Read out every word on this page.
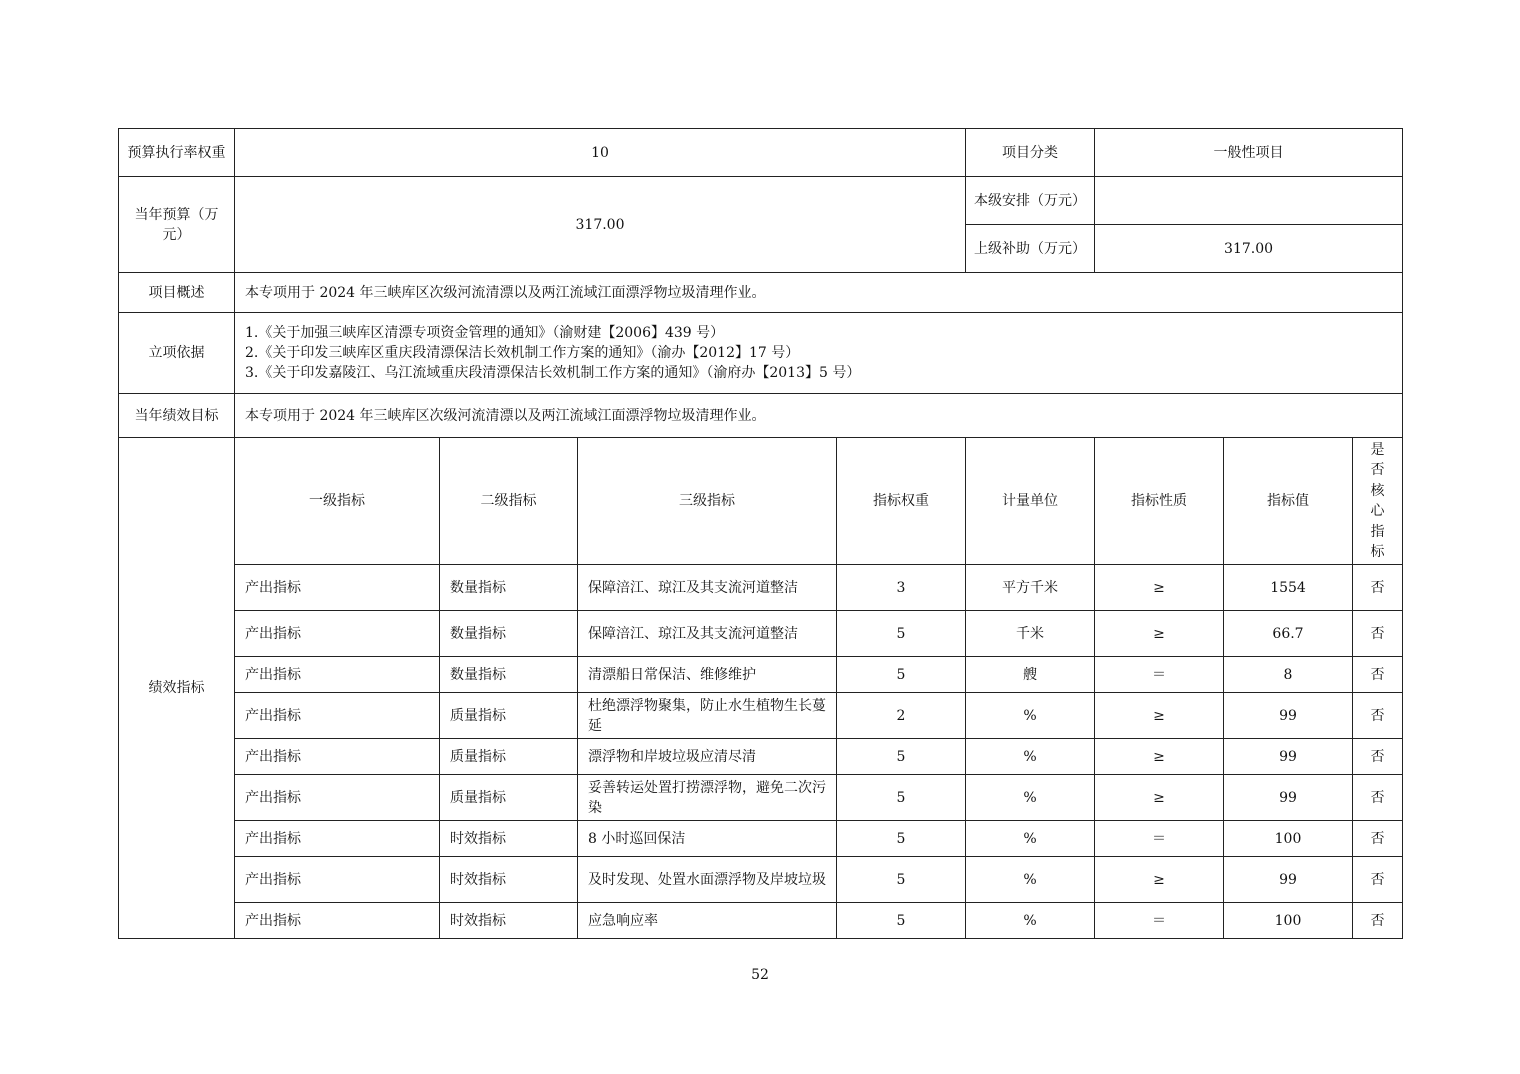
预算执行率权重	10				项目分类	一般性项目		
当年预算（万元）	317.00				本级安排（万元）			
					上级补助（万元）	317.00		
项目概述	本专项用于 2024 年三峡库区次级河流清漂以及两江流域江面漂浮物垃圾清理作业。							
立项依据	1.《关于加强三峡库区清漂专项资金管理的通知》（渝财建【2006】439 号）
2.《关于印发三峡库区重庆段清漂保洁长效机制工作方案的通知》（渝办【2012】17 号）
3.《关于印发嘉陵江、乌江流域重庆段清漂保洁长效机制工作方案的通知》（渝府办【2013】5 号）							

当年绩效目标	本专项用于 2024 年三峡库区次级河流清漂以及两江流域江面漂浮物垃圾清理作业。							
绩效指标	一级指标	二级指标	三级指标	指标权重	计量单位	指标性质	指标值	是否核心指标

	产出指标	数量指标	保障涪江、琼江及其支流河道整洁	3	平方千米	≥	1554	否
	产出指标	数量指标	保障涪江、琼江及其支流河道整洁	5	千米	≥	66.7	否
	产出指标	数量指标	清漂船日常保洁、维修维护	5	艘	＝	8	否
	产出指标	质量指标	杜绝漂浮物聚集，防止水生植物生长蔓延	2	%	≥	99	否
	产出指标	质量指标	漂浮物和岸坡垃圾应清尽清	5	%	≥	99	否
	产出指标	质量指标	妥善转运处置打捞漂浮物，避免二次污染	5	%	≥	99	否
	产出指标	时效指标	8 小时巡回保洁	5	%	＝	100	否
	产出指标	时效指标	及时发现、处置水面漂浮物及岸坡垃圾	5	%	≥	99	否
	产出指标	时效指标	应急响应率	5	%	＝	100	否
52
